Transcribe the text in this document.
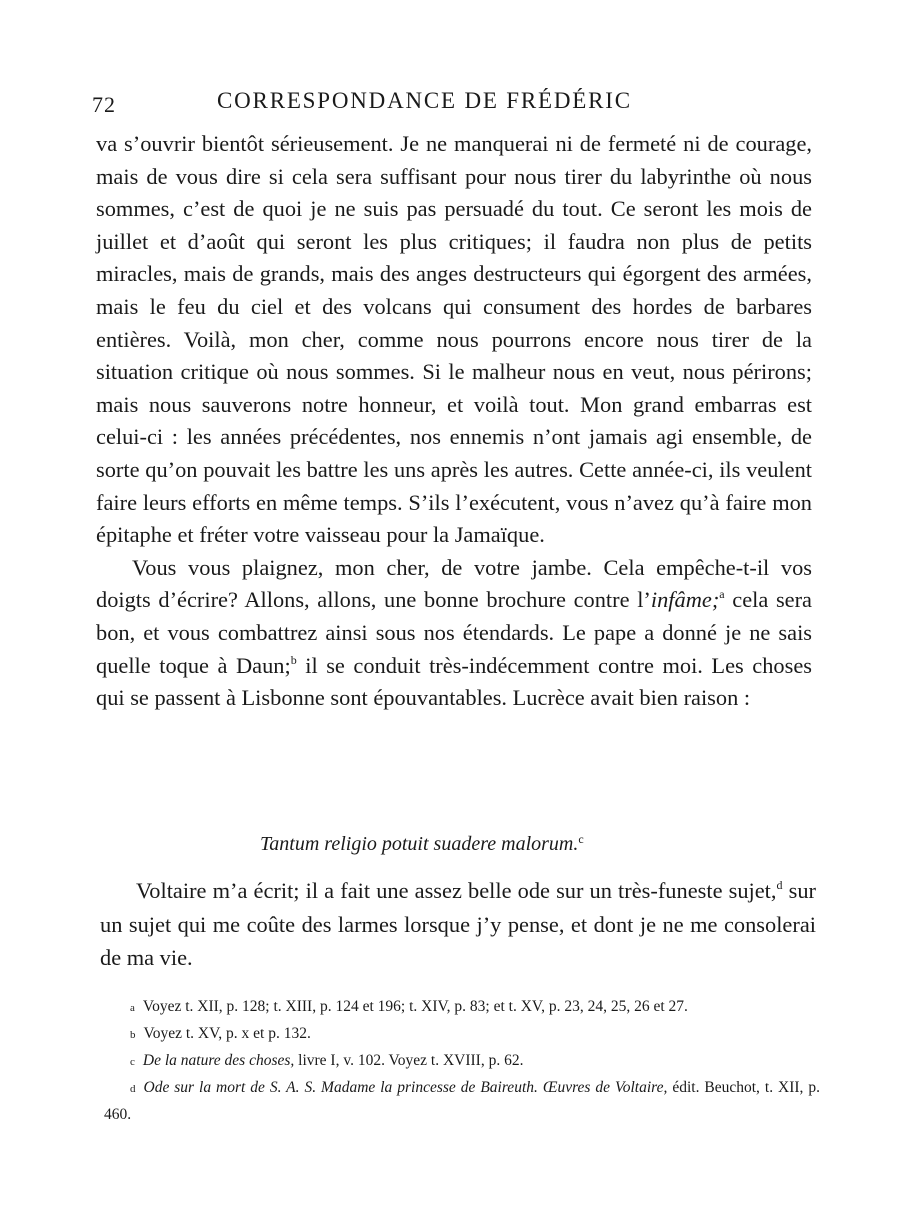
72	CORRESPONDANCE DE FRÉDÉRIC

va s’ouvrir bientôt sérieusement. Je ne manquerai ni de fermeté ni de courage, mais de vous dire si cela sera suffisant pour nous tirer du labyrinthe où nous sommes, c’est de quoi je ne suis pas persuadé du tout. Ce seront les mois de juillet et d’août qui seront les plus critiques; il faudra non plus de petits miracles, mais de grands, mais des anges destructeurs qui égorgent des armées, mais le feu du ciel et des volcans qui consument des hordes de barbares entières. Voilà, mon cher, comme nous pourrons encore nous tirer de la situation critique où nous sommes. Si le malheur nous en veut, nous périrons; mais nous sauverons notre honneur, et voilà tout. Mon grand embarras est celui-ci : les années précédentes, nos ennemis n’ont jamais agi ensemble, de sorte qu’on pouvait les battre les uns après les autres. Cette année-ci, ils veulent faire leurs efforts en même temps. S’ils l’exécutent, vous n’avez qu’à faire mon épitaphe et fréter votre vaisseau pour la Jamaïque.

Vous vous plaignez, mon cher, de votre jambe. Cela empêche-t-il vos doigts d’écrire? Allons, allons, une bonne brochure contre l’infâme;$^a$ cela sera bon, et vous combattrez ainsi sous nos étendards. Le pape a donné je ne sais quelle toque à Daun;$^b$ il se conduit très-indécemment contre moi. Les choses qui se passent à Lisbonne sont épouvantables. Lucrèce avait bien raison :

Tantum religio potuit suadere malorum.$^c$

Voltaire m’a écrit; il a fait une assez belle ode sur un très-funeste sujet,$^d$ sur un sujet qui me coûte des larmes lorsque j’y pense, et dont je ne me consolerai de ma vie.

a Voyez t. XII, p. 128; t. XIII, p. 124 et 196; t. XIV, p. 83; et t. XV, p. 23, 24, 25, 26 et 27.

b Voyez t. XV, p. x et p. 132.

c De la nature des choses, livre I, v. 102. Voyez t. XVIII, p. 62.

d Ode sur la mort de S. A. S. Madame la princesse de Baireuth. Œuvres de Voltaire, édit. Beuchot, t. XII, p. 460.
